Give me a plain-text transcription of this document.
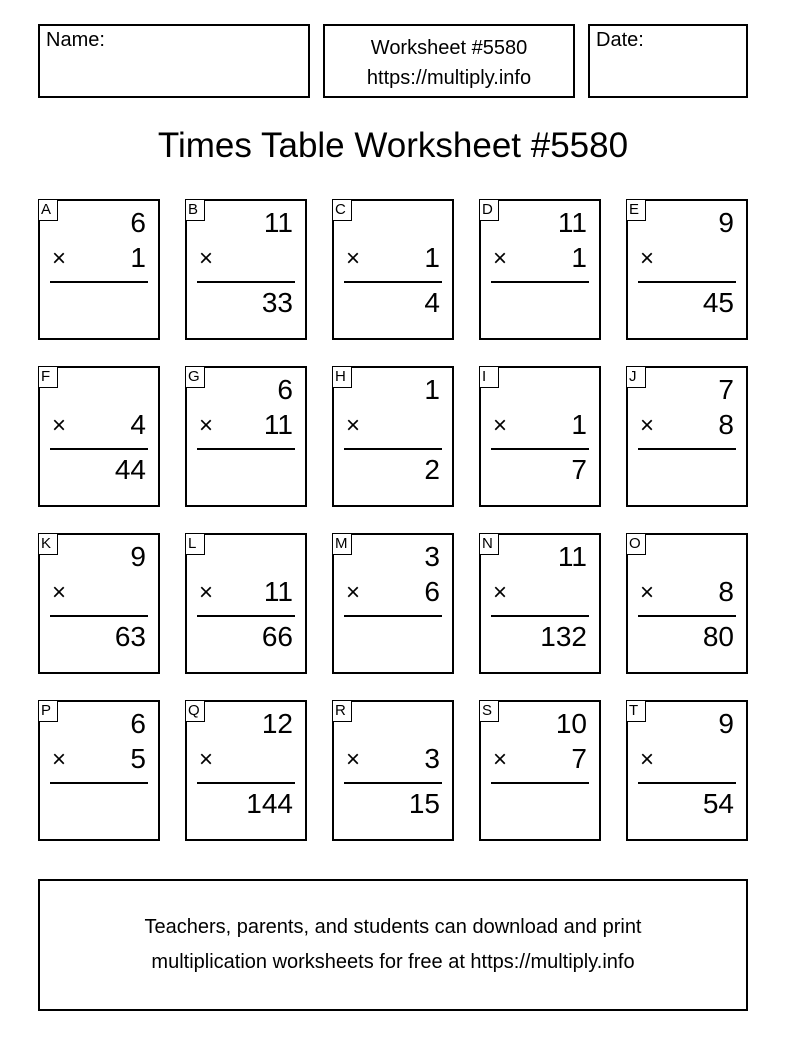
Name:	Worksheet #5580
https://multiply.info
Date:
Times Table Worksheet #5580
A	6
× 1
B 11
×
33
C
× 1
4
D 11
× 1
E	9
×
45
F
× 4
44
G	6
× 11
H	1
×
2
I
× 1
7
J	7
× 8
K	9
×
63
L
× 11
66
M	3
× 6
N 11
×
132
O
× 8
80
P	6
× 5
Q 12
×
144
R
× 3
15
S 10
× 7
T	9
×
54
Teachers, parents, and students can download and print
multiplication worksheets for free at https://multiply.info
